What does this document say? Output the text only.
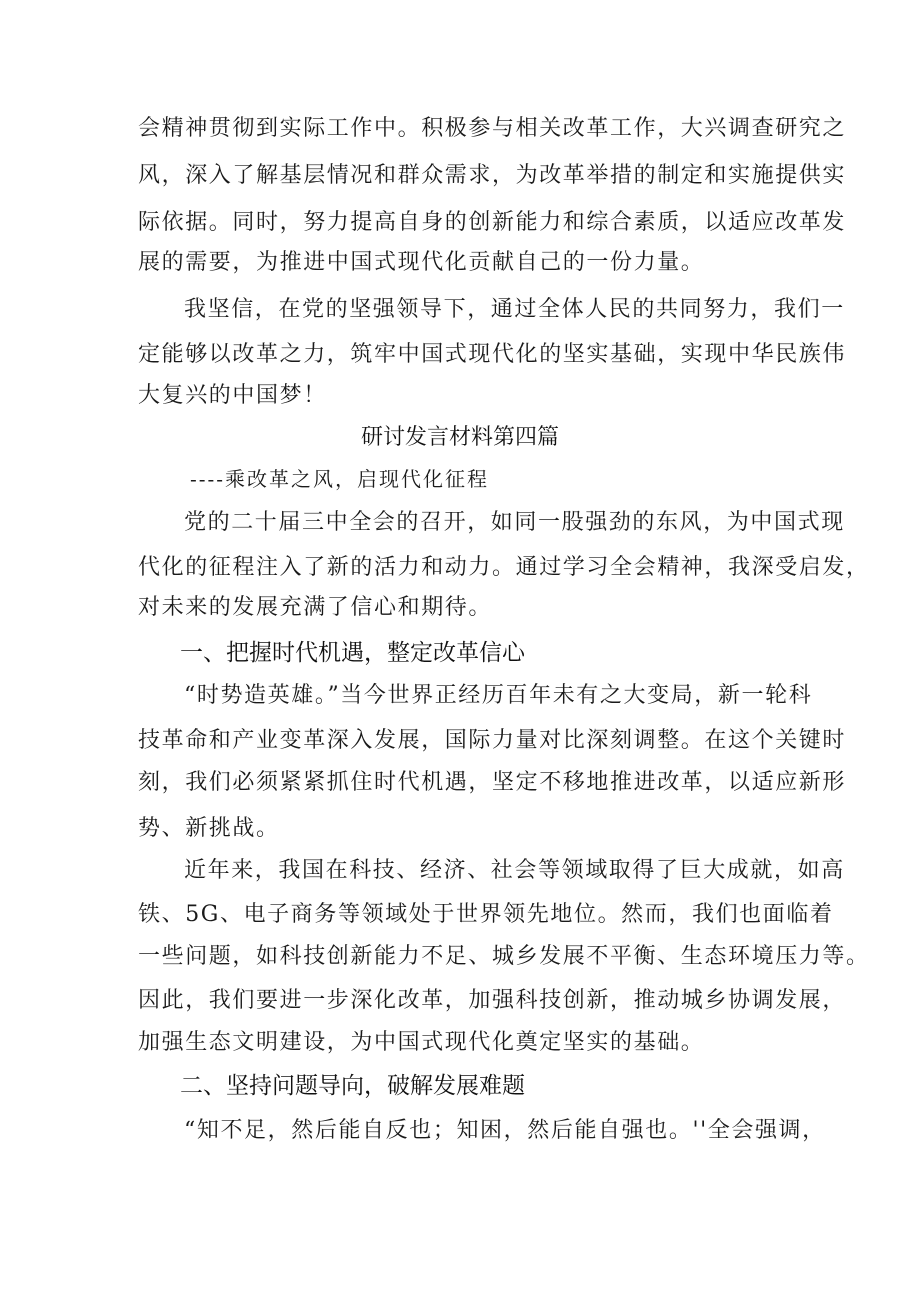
会精神贯彻到实际工作中。积极参与相关改革工作，大兴调查研究之
风，深入了解基层情况和群众需求，为改革举措的制定和实施提供实
际依据。同时，努力提高自身的创新能力和综合素质，以适应改革发
展的需要，为推进中国式现代化贡献自己的一份力量。
我坚信，在党的坚强领导下，通过全体人民的共同努力，我们一
定能够以改革之力，筑牢中国式现代化的坚实基础，实现中华民族伟
大复兴的中国梦！
研讨发言材料第四篇
----乘改革之风，启现代化征程
党的二十届三中全会的召开，如同一股强劲的东风，为中国式现
代化的征程注入了新的活力和动力。通过学习全会精神，我深受启发，
对未来的发展充满了信心和期待。
一、把握时代机遇，整定改革信心
“时势造英雄。”当今世界正经历百年未有之大变局，新一轮科
技革命和产业变革深入发展，国际力量对比深刻调整。在这个关键时
刻，我们必须紧紧抓住时代机遇，坚定不移地推进改革，以适应新形
势、新挑战。
近年来，我国在科技、经济、社会等领域取得了巨大成就，如高
铁、5G、电子商务等领域处于世界领先地位。然而，我们也面临着
一些问题，如科技创新能力不足、城乡发展不平衡、生态环境压力等。
因此，我们要进一步深化改革，加强科技创新，推动城乡协调发展，
加强生态文明建设，为中国式现代化奠定坚实的基础。
二、坚持问题导向，破解发展难题
“知不足，然后能自反也；知困，然后能自强也。''全会强调，
